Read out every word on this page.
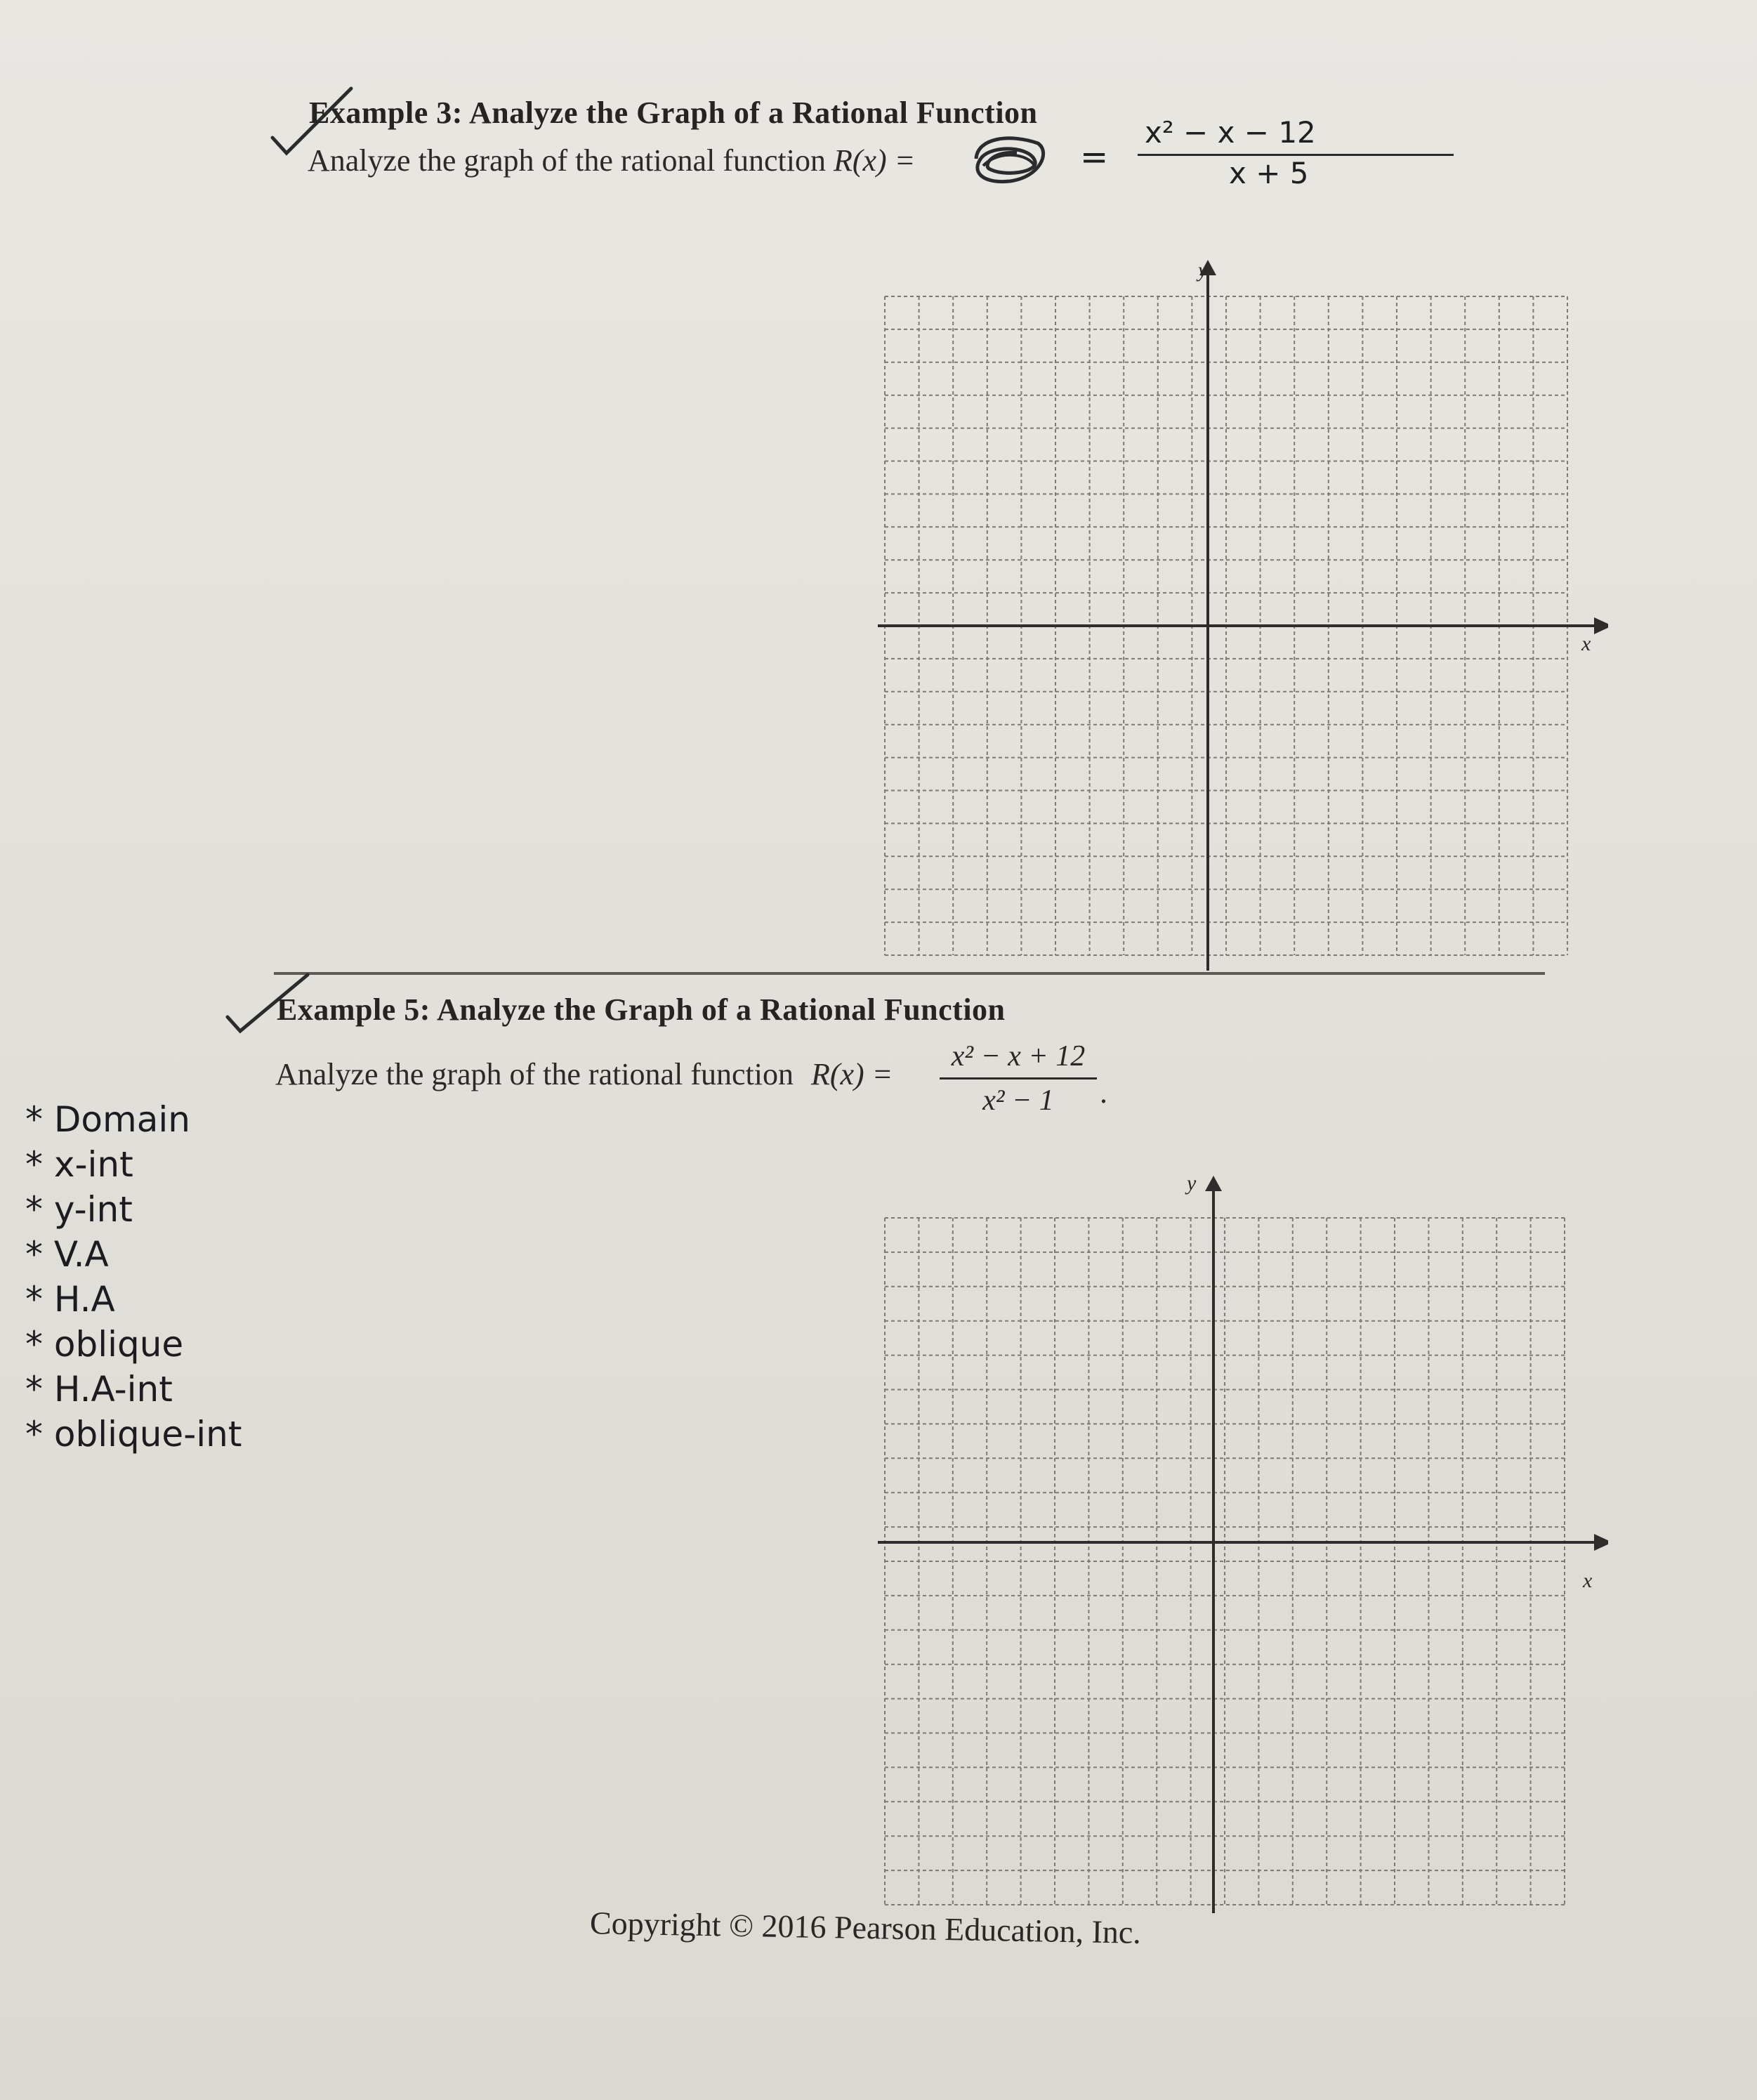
Example 3: Analyze the Graph of a Rational Function
Analyze the graph of the rational function R(x) =	=
x² − x − 12
x + 5
x
y
Example 5: Analyze the Graph of a Rational Function
Analyze the graph of the rational function R(x) =
x² − x + 12
x² − 1	.
* Domain
* x-int
* y-int
* V.A
* H.A
* oblique
* H.A-int
* oblique-int
x
y
Copyright © 2016 Pearson Education, Inc.
